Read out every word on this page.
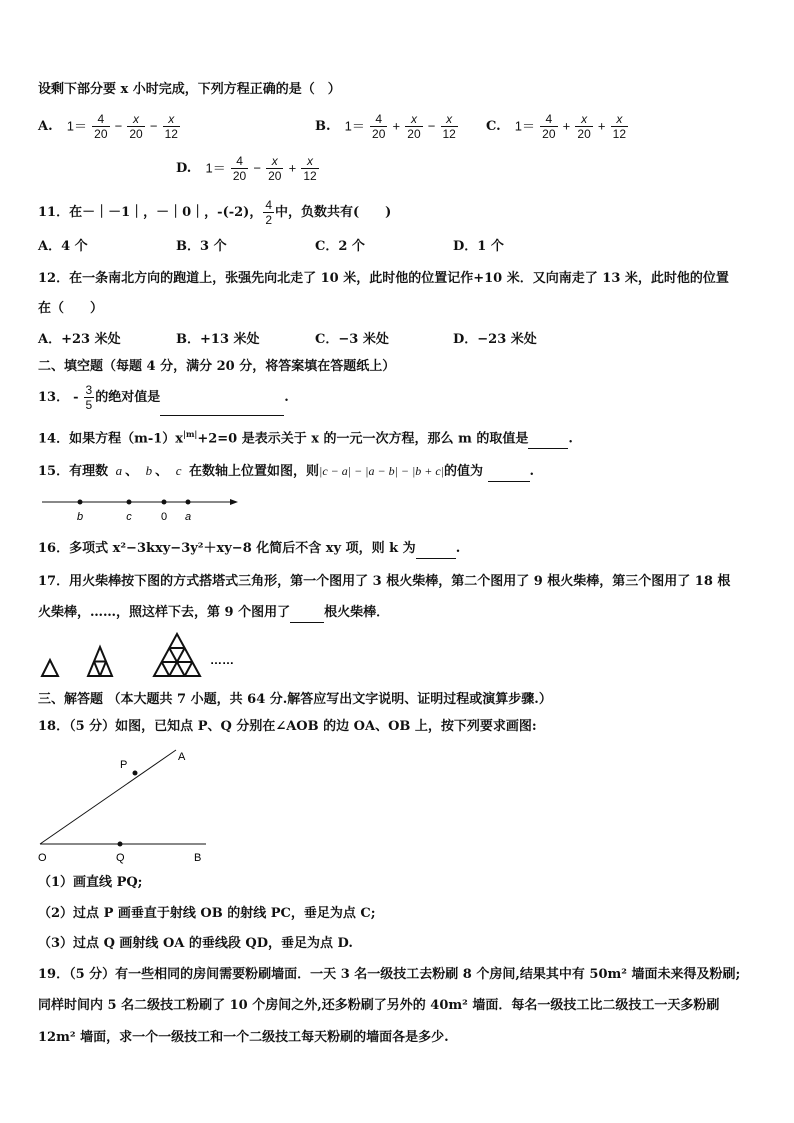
设剩下部分要 x 小时完成，下列方程正确的是（　）
A. $1= \frac{4}{20} - \frac{x}{20} - \frac{x}{12}$	B. $1= \frac{4}{20} + \frac{x}{20} - \frac{x}{12} C$. $1= \frac{4}{20} + \frac{x}{20} + \frac{x}{12}$
D. $1= \frac{4}{20} - \frac{x}{20} + \frac{x}{12}$
11．在－｜－1｜，－｜0｜，-(-2)， $\frac{4}{2}$ 中，负数共有(　　)
A．4 个	B．3 个	C．2 个	D．1 个
12．在一条南北方向的跑道上，张强先向北走了 10 米，此时他的位置记作+10 米．又向南走了 13 米，此时他的位置
在（　　）
A．+23 米处	B．+13 米处	C．−3 米处	D．−23 米处
二、填空题（每题 4 分，满分 20 分，将答案填在答题纸上）
13． - $\frac{3}{5}$ 的绝对值是	.
14．如果方程$(m-1)x^{|m|}+2=0$ 是表示关于 x 的一元一次方程，那么 m 的取值是	.
15．有理数 a 、 b 、 c 在数轴上位置如图，则|c − a| − |a − b| − |b + c|的值为	.
b	c	0 a
16．多项式 x²−3kxy−3y²＋xy−8 化简后不含 xy 项，则 k 为	.
17．用火柴棒按下图的方式搭塔式三角形，第一个图用了 3 根火柴棒，第二个图用了 9 根火柴棒，第三个图用了 18 根
火柴棒，……，照这样下去，第 9 个图用了	根火柴棒．
……
三、解答题 （本大题共 7 小题，共 64 分.解答应写出文字说明、证明过程或演算步骤.）
18．（5 分）如图，已知点 P、Q 分别在∠AOB 的边 OA、OB 上，按下列要求画图:
A
P
O	Q	B
（1）画直线 PQ;
（2）过点 P 画垂直于射线 OB 的射线 PC，垂足为点 C;
（3）过点 Q 画射线 OA 的垂线段 QD，垂足为点 D.
19．（5 分）有一些相同的房间需要粉刷墙面．一天 3 名一级技工去粉刷 8 个房间,结果其中有 50m² 墙面未来得及粉刷;
同样时间内 5 名二级技工粉刷了 10 个房间之外,还多粉刷了另外的 40m² 墙面．每名一级技工比二级技工一天多粉刷
12m² 墙面，求一个一级技工和一个二级技工每天粉刷的墙面各是多少.
